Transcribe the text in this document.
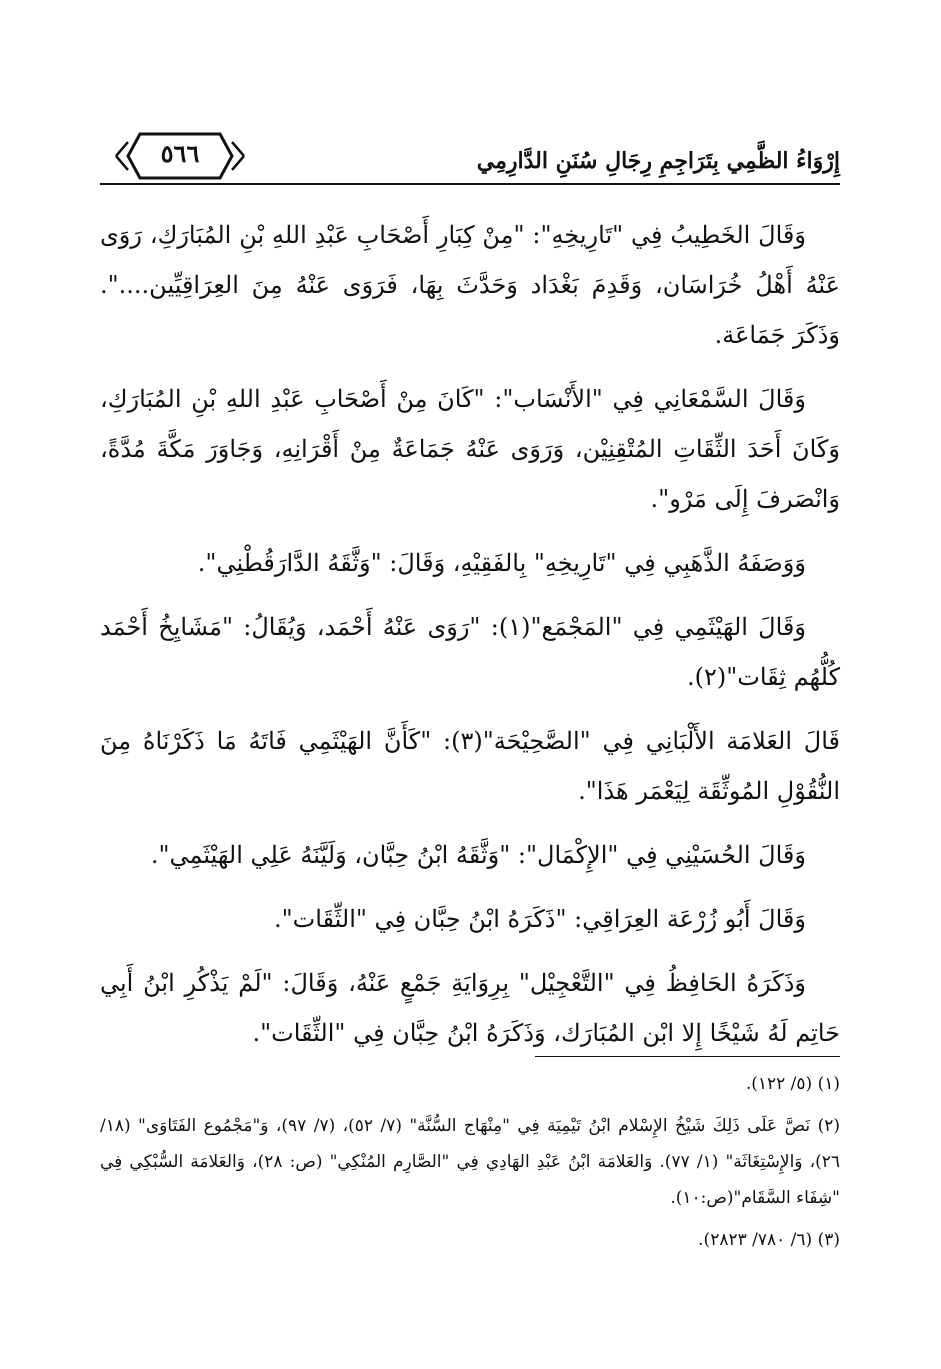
إِرْوَاءُ الظَّمِي بِتَرَاجِمِ رِجَالِ سُنَنِ الدَّارِمِي
٥٦٦

وَقَالَ الخَطِيبُ فِي "تَارِيخِهِ": "مِنْ كِبَارِ أَصْحَابِ عَبْدِ اللهِ بْنِ المُبَارَكِ، رَوَى عَنْهُ أَهْلُ خُرَاسَان، وَقَدِمَ بَغْدَاد وَحَدَّثَ بِهَا، فَرَوَى عَنْهُ مِنَ العِرَاقِيِّين....". وَذَكَرَ جَمَاعَة.

وَقَالَ السَّمْعَانِي فِي "الأَنْسَاب": "كَانَ مِنْ أَصْحَابِ عَبْدِ اللهِ بْنِ المُبَارَكِ، وَكَانَ أَحَدَ الثِّقَاتِ المُتْقِنِيْن، وَرَوَى عَنْهُ جَمَاعَةٌ مِنْ أَقْرَانِهِ، وَجَاوَرَ مَكَّةَ مُدَّةً، وَانْصَرفَ إِلَى مَرْو".

وَوَصَفَهُ الذَّهَبِي فِي "تَارِيخِهِ" بِالفَقِيْهِ، وَقَالَ: "وَثَّقَهُ الدَّارَقُطْنِي".

وَقَالَ الهَيْثَمِي فِي "المَجْمَع"(١): "رَوَى عَنْهُ أَحْمَد، وَيُقَالُ: "مَشَايِخُ أَحْمَد كُلُّهُم ثِقَات"(٢).

قَالَ العَلامَة الأَلْبَانِي فِي "الصَّحِيْحَة"(٣): "كَأَنَّ الهَيْثَمِي فَاتَهُ مَا ذَكَرْنَاهُ مِنَ النُّقُوْلِ المُوثِّقَة لِيَعْمَر هَذَا".

وَقَالَ الحُسَيْنِي فِي "الإِكْمَال": "وَثَّقَهُ ابْنُ حِبَّان، وَلَيَّنَهُ عَلِي الهَيْثَمِي".

وَقَالَ أَبُو زُرْعَة العِرَاقِي: "ذَكَرَهُ ابْنُ حِبَّان فِي "الثِّقَات".

وَذَكَرَهُ الحَافِظُ فِي "التَّعْجِيْل" بِرِوَايَةِ جَمْعٍ عَنْهُ، وَقَالَ: "لَمْ يَذْكُرِ ابْنُ أَبِي حَاتِم لَهُ شَيْخًا إِلا ابْن المُبَارَك، وَذَكَرَهُ ابْنُ حِبَّان فِي "الثِّقَات".

(١) (٥/ ١٢٢).

(٢) نَصَّ عَلَى ذَلِكَ شَيْخُ الإِسْلام ابْنُ تَيْمِيَة فِي "مِنْهَاج السُّنَّة" (٧/ ٥٢)، (٧/ ٩٧)، وَ"مَجْمُوع الفَتَاوَى" (١٨/ ٢٦)، وَالإِسْتِغَاثَة" (١/ ٧٧). وَالعَلامَة ابْنُ عَبْدِ الهَادِي فِي "الصَّارِم المُنْكِي" (ص: ٢٨)، وَالعَلامَة السُّبْكِي فِي "شِفَاء السَّقَام"(ص:١٠).

(٣) (٦/ ٧٨٠/ ٢٨٢٣).
